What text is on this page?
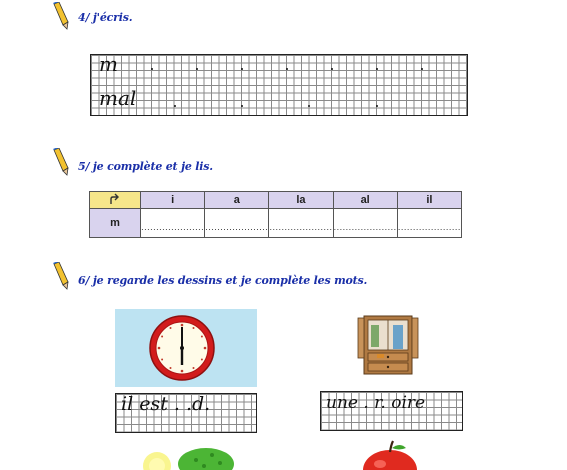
4/ j'écris.
m
mal
5/ je complète et je lis.
	i	a	la	al	il
m	$_{.....................}$	$_{.....................}$	$_{.....................}$	$_{.....................}$	$_{.....................}$
6/ je regarde les dessins et je complète les mots.
il est . .d.	une . r. oire
